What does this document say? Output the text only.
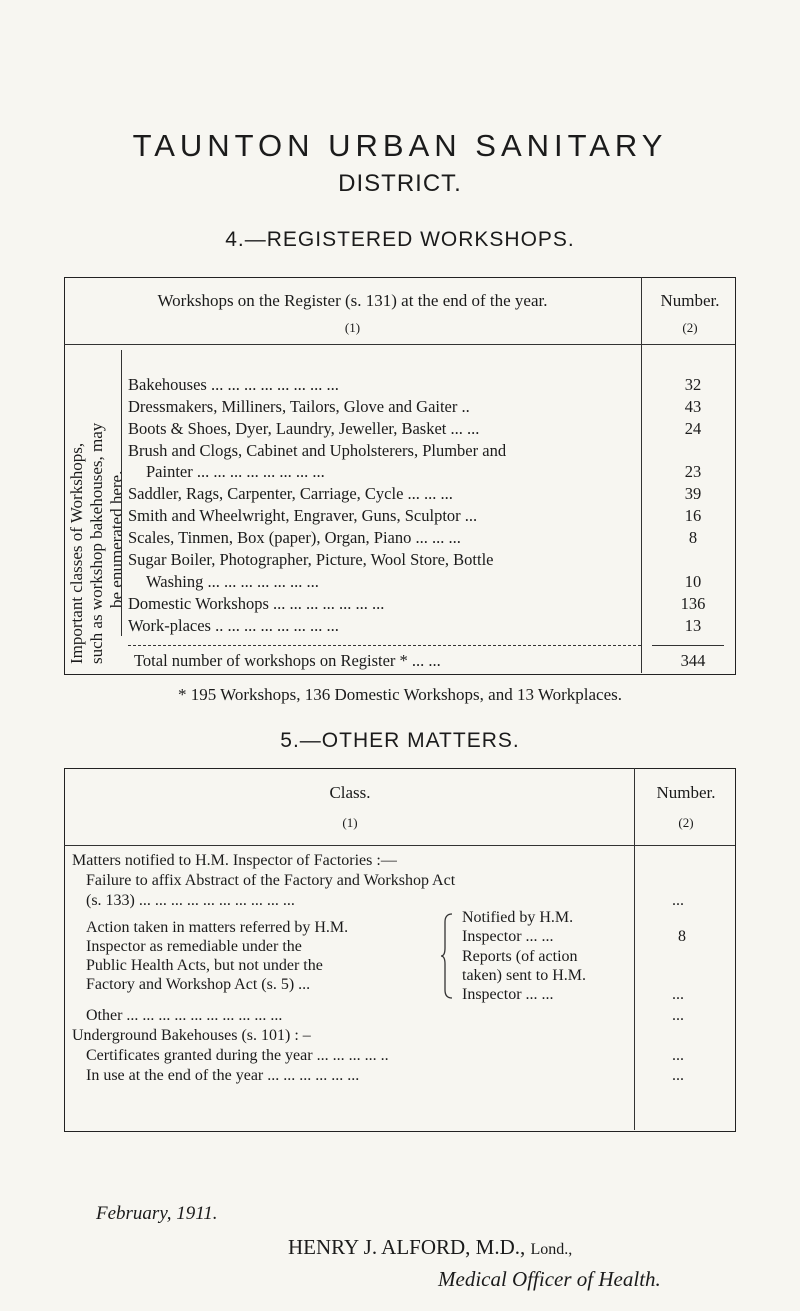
TAUNTON URBAN SANITARY
DISTRICT.
4.—REGISTERED WORKSHOPS.
Workshops on the Register (s. 131) at the end of the year.
(1)
Number.
(2)
Important classes of Workshops, such as workshop bakehouses, may be enumerated here.
Bakehouses ... ... ... ... ... ... ... ...	32
Dressmakers, Milliners, Tailors, Glove and Gaiter ..	43
Boots & Shoes, Dyer, Laundry, Jeweller, Basket ... ...	24
Brush and Clogs, Cabinet and Upholsterers, Plumber and
Painter ... ... ... ... ... ... ... ...	23
Saddler, Rags, Carpenter, Carriage, Cycle ... ... ...	39
Smith and Wheelwright, Engraver, Guns, Sculptor ...	16
Scales, Tinmen, Box (paper), Organ, Piano ... ... ...	8
Sugar Boiler, Photographer, Picture, Wool Store, Bottle
Washing ... ... ... ... ... ... ...	10
Domestic Workshops ... ... ... ... ... ... ...	136
Work-places .. ... ... ... ... ... ... ...	13
Total number of workshops on Register * ... ...	344
* 195 Workshops, 136 Domestic Workshops, and 13 Workplaces.
5.—OTHER MATTERS.
Class.
(1)
Number.
(2)
Matters notified to H.M. Inspector of Factories :—
Failure to affix Abstract of the Factory and Workshop Act
(s. 133) ... ... ... ... ... ... ... ... ... ...	...
Action taken in matters referred by H.M.
Inspector as remediable under the
Public Health Acts, but not under the
Factory and Workshop Act (s. 5) ...
Notified by H.M.
Inspector ... ...	8
Reports (of action
taken) sent to H.M.
Inspector ... ...	...
Other ... ... ... ... ... ... ... ... ... ...	...
Underground Bakehouses (s. 101) : –
Certificates granted during the year ... ... ... ... ..	...
In use at the end of the year ... ... ... ... ... ...	...
February, 1911.
HENRY J. ALFORD, M.D., Lond.,
Medical Officer of Health.
